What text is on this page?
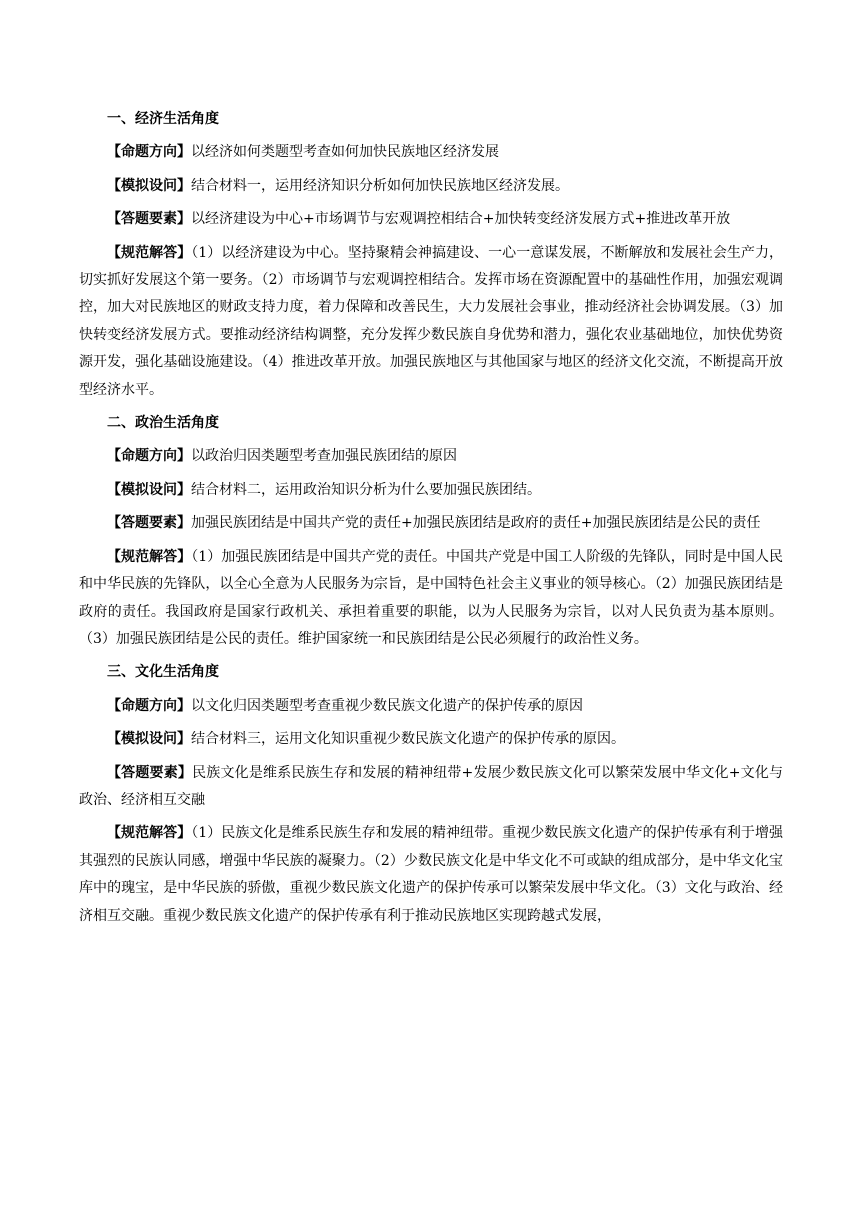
一、经济生活角度

【命题方向】以经济如何类题型考查如何加快民族地区经济发展

【模拟设问】结合材料一，运用经济知识分析如何加快民族地区经济发展。

【答题要素】以经济建设为中心+市场调节与宏观调控相结合+加快转变经济发展方式+推进改革开放

【规范解答】（1）以经济建设为中心。坚持聚精会神搞建设、一心一意谋发展，不断解放和发展社会生产力，切实抓好发展这个第一要务。（2）市场调节与宏观调控相结合。发挥市场在资源配置中的基础性作用，加强宏观调控，加大对民族地区的财政支持力度，着力保障和改善民生，大力发展社会事业，推动经济社会协调发展。（3）加快转变经济发展方式。要推动经济结构调整，充分发挥少数民族自身优势和潜力，强化农业基础地位，加快优势资源开发，强化基础设施建设。（4）推进改革开放。加强民族地区与其他国家与地区的经济文化交流，不断提高开放型经济水平。

二、政治生活角度

【命题方向】以政治归因类题型考查加强民族团结的原因

【模拟设问】结合材料二，运用政治知识分析为什么要加强民族团结。

【答题要素】加强民族团结是中国共产党的责任+加强民族团结是政府的责任+加强民族团结是公民的责任

【规范解答】（1）加强民族团结是中国共产党的责任。中国共产党是中国工人阶级的先锋队，同时是中国人民和中华民族的先锋队，以全心全意为人民服务为宗旨，是中国特色社会主义事业的领导核心。（2）加强民族团结是政府的责任。我国政府是国家行政机关、承担着重要的职能，以为人民服务为宗旨，以对人民负责为基本原则。（3）加强民族团结是公民的责任。维护国家统一和民族团结是公民必须履行的政治性义务。

三、文化生活角度

【命题方向】以文化归因类题型考查重视少数民族文化遗产的保护传承的原因

【模拟设问】结合材料三，运用文化知识重视少数民族文化遗产的保护传承的原因。

【答题要素】民族文化是维系民族生存和发展的精神纽带+发展少数民族文化可以繁荣发展中华文化+文化与政治、经济相互交融

【规范解答】（1）民族文化是维系民族生存和发展的精神纽带。重视少数民族文化遗产的保护传承有利于增强其强烈的民族认同感，增强中华民族的凝聚力。（2）少数民族文化是中华文化不可或缺的组成部分，是中华文化宝库中的瑰宝，是中华民族的骄傲，重视少数民族文化遗产的保护传承可以繁荣发展中华文化。（3）文化与政治、经济相互交融。重视少数民族文化遗产的保护传承有利于推动民族地区实现跨越式发展，
